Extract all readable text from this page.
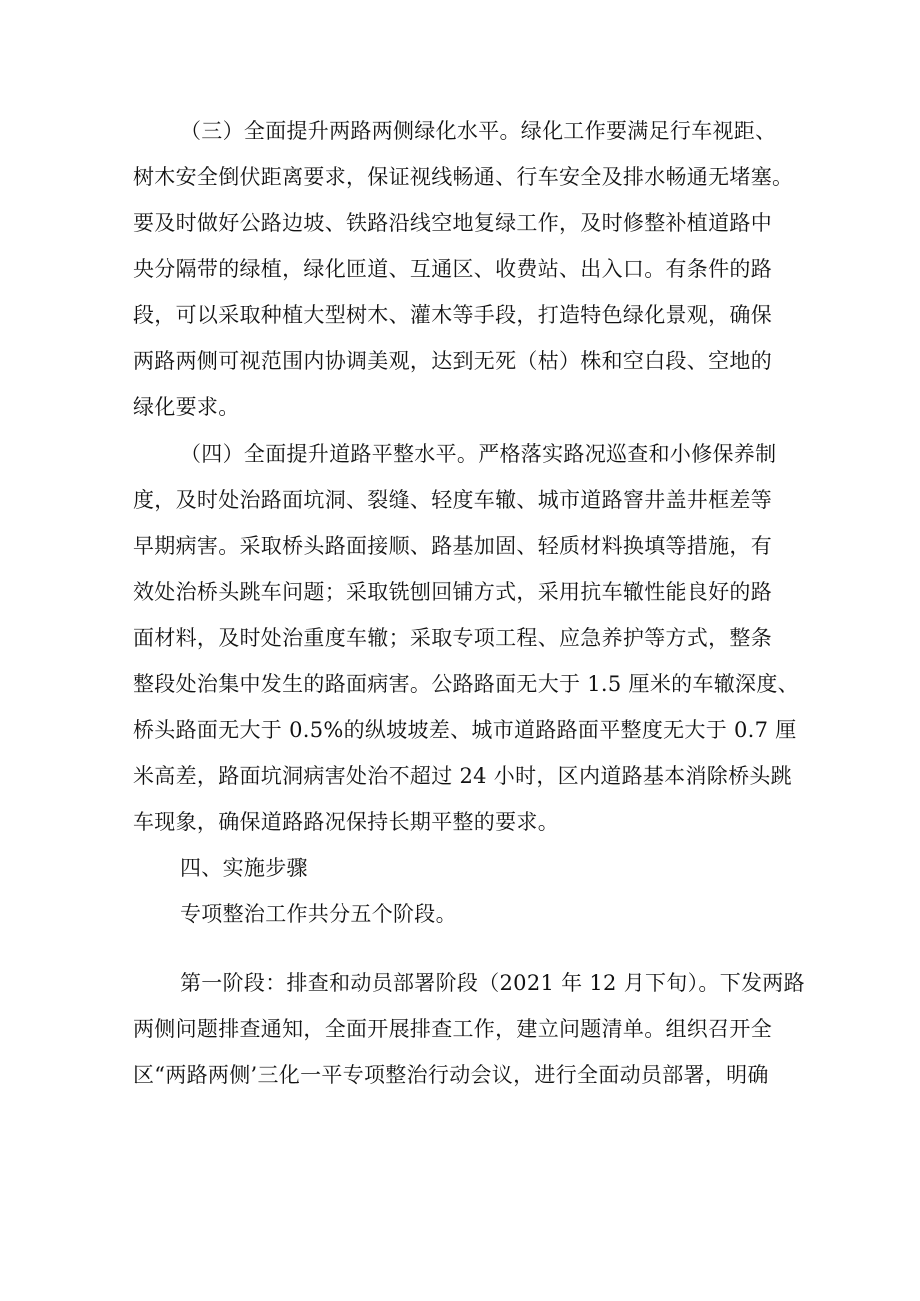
（三）全面提升两路两侧绿化水平。绿化工作要满足行车视距、
树木安全倒伏距离要求，保证视线畅通、行车安全及排水畅通无堵塞。
要及时做好公路边坡、铁路沿线空地复绿工作，及时修整补植道路中
央分隔带的绿植，绿化匝道、互通区、收费站、出入口。有条件的路
段，可以采取种植大型树木、灌木等手段，打造特色绿化景观，确保
两路两侧可视范围内协调美观，达到无死（枯）株和空白段、空地的
绿化要求。
（四）全面提升道路平整水平。严格落实路况巡查和小修保养制
度，及时处治路面坑洞、裂缝、轻度车辙、城市道路窨井盖井框差等
早期病害。采取桥头路面接顺、路基加固、轻质材料换填等措施，有
效处治桥头跳车问题；采取铣刨回铺方式，采用抗车辙性能良好的路
面材料，及时处治重度车辙；采取专项工程、应急养护等方式，整条
整段处治集中发生的路面病害。公路路面无大于 1.5 厘米的车辙深度、
桥头路面无大于 0.5%的纵坡坡差、城市道路路面平整度无大于 0.7 厘
米高差，路面坑洞病害处治不超过 24 小时，区内道路基本消除桥头跳
车现象，确保道路路况保持长期平整的要求。
四、实施步骤
专项整治工作共分五个阶段。
第一阶段：排查和动员部署阶段（2021 年 12 月下旬）。下发两路
两侧问题排查通知，全面开展排查工作，建立问题清单。组织召开全
区“两路两侧’三化一平专项整治行动会议，进行全面动员部署，明确
